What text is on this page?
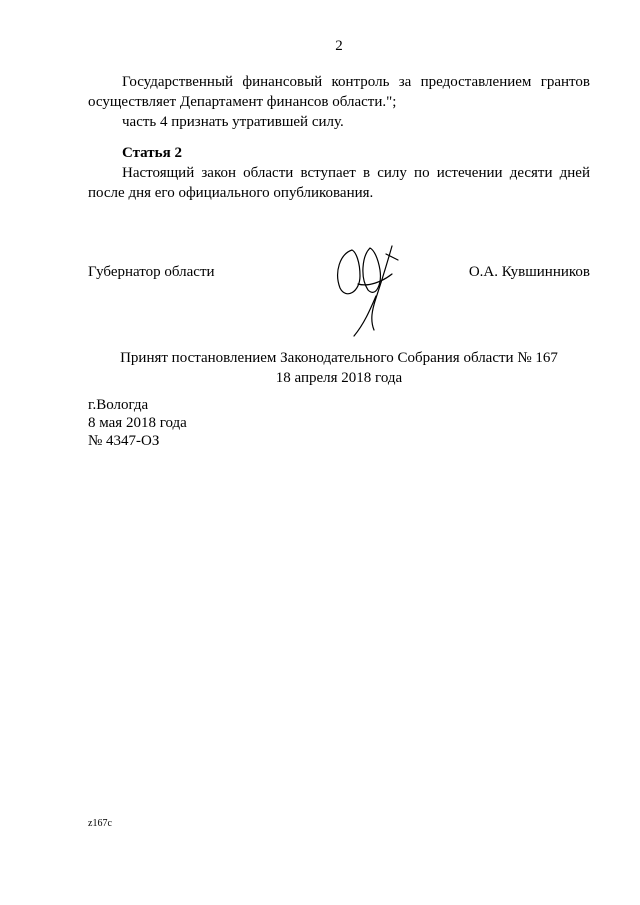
2

Государственный финансовый контроль за предоставлением грантов осуществляет Департамент финансов области.";

часть 4 признать утратившей силу.

Статья 2

Настоящий закон области вступает в силу по истечении десяти дней после дня его официального опубликования.

Губернатор области	О.А. Кувшинников
Принят постановлением Законодательного Собрания области № 167
18 апреля 2018 года
г.Вологда
8 мая 2018 года
№ 4347-ОЗ
z167c
